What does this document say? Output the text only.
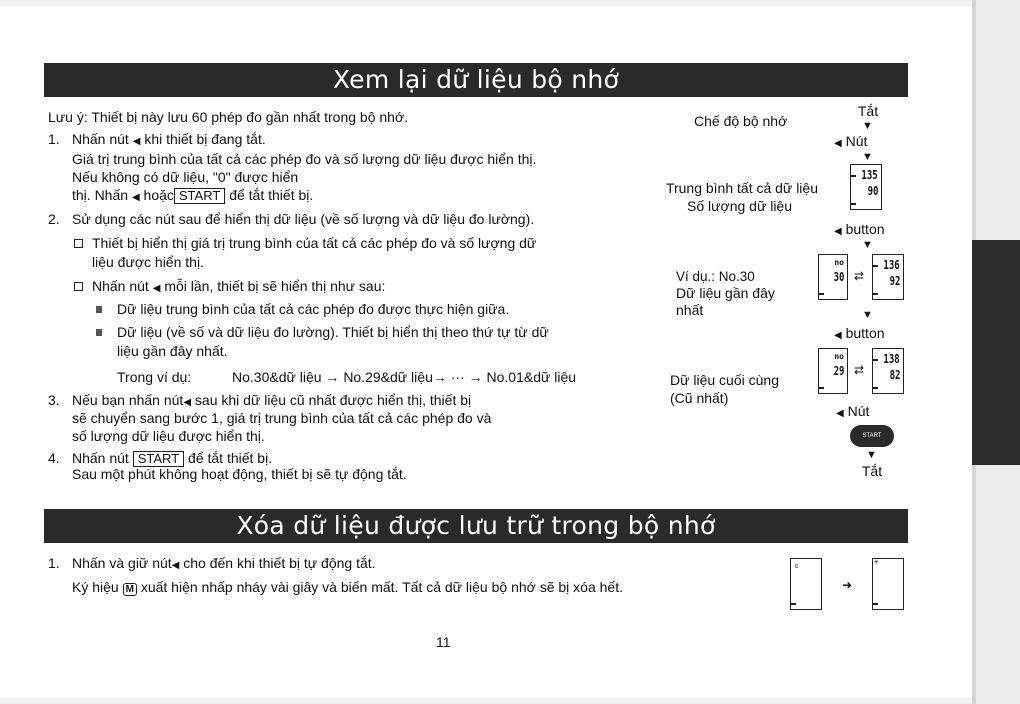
Xem lại dữ liệu bộ nhớ
Lưu ý: Thiết bị này lưu 60 phép đo gần nhất trong bộ nhớ.
1. Nhấn nút ◀ khi thiết bị đang tắt.
Giá trị trung bình của tất cả các phép đo và số lượng dữ liệu được hiển thị.
Nếu không có dữ liệu, "0" được hiển
thị. Nhấn ◀ hoặc START để tắt thiết bị.
2. Sử dụng các nút sau để hiển thị dữ liệu (về số lượng và dữ liệu đo lường).
Thiết bị hiển thị giá trị trung bình của tất cả các phép đo và số lượng dữ
liệu được hiển thị.
Nhấn nút ◀ mỗi lần, thiết bị sẽ hiển thị như sau:
Dữ liệu trung bình của tất cả các phép đo được thực hiện giữa.
Dữ liệu (về số và dữ liệu đo lường). Thiết bị hiển thị theo thứ tự từ dữ
liệu gần đây nhất.
Trong ví dụ:	No.30&dữ liệu → No.29&dữ liệu→ ··· → No.01&dữ liệu
3. Nếu bạn nhấn nút◀ sau khi dữ liệu cũ nhất được hiển thị, thiết bị
sẽ chuyển sang bước 1, giá trị trung bình của tất cả các phép đo và
số lượng dữ liệu được hiển thị.
4. Nhấn nút START để tắt thiết bị.
Sau một phút không hoạt động, thiết bị sẽ tự động tắt.
Tắt
▼
Chế độ bộ nhớ
◀ Nút
▼
Trung bình tất cả dữ liệu
Số lượng dữ liệu
135
90
◀ button
▼
Ví dụ.: No.30
Dữ liệu gần đây
nhất
no
30 ⇄
136
92
◀ button
▼
Dữ liệu cuối cùng
(Cũ nhất)
no
29 ⇄
138
82
◀ Nút
START
▼
Tắt
Xóa dữ liệu được lưu trữ trong bộ nhớ
1. Nhấn và giữ nút◀ cho đến khi thiết bị tự động tắt.
Ký hiệu M xuất hiện nhấp nháy vài giây và biến mất. Tất cả dữ liệu bộ nhớ sẽ bị xóa hết.
▫
➜
✳
11
